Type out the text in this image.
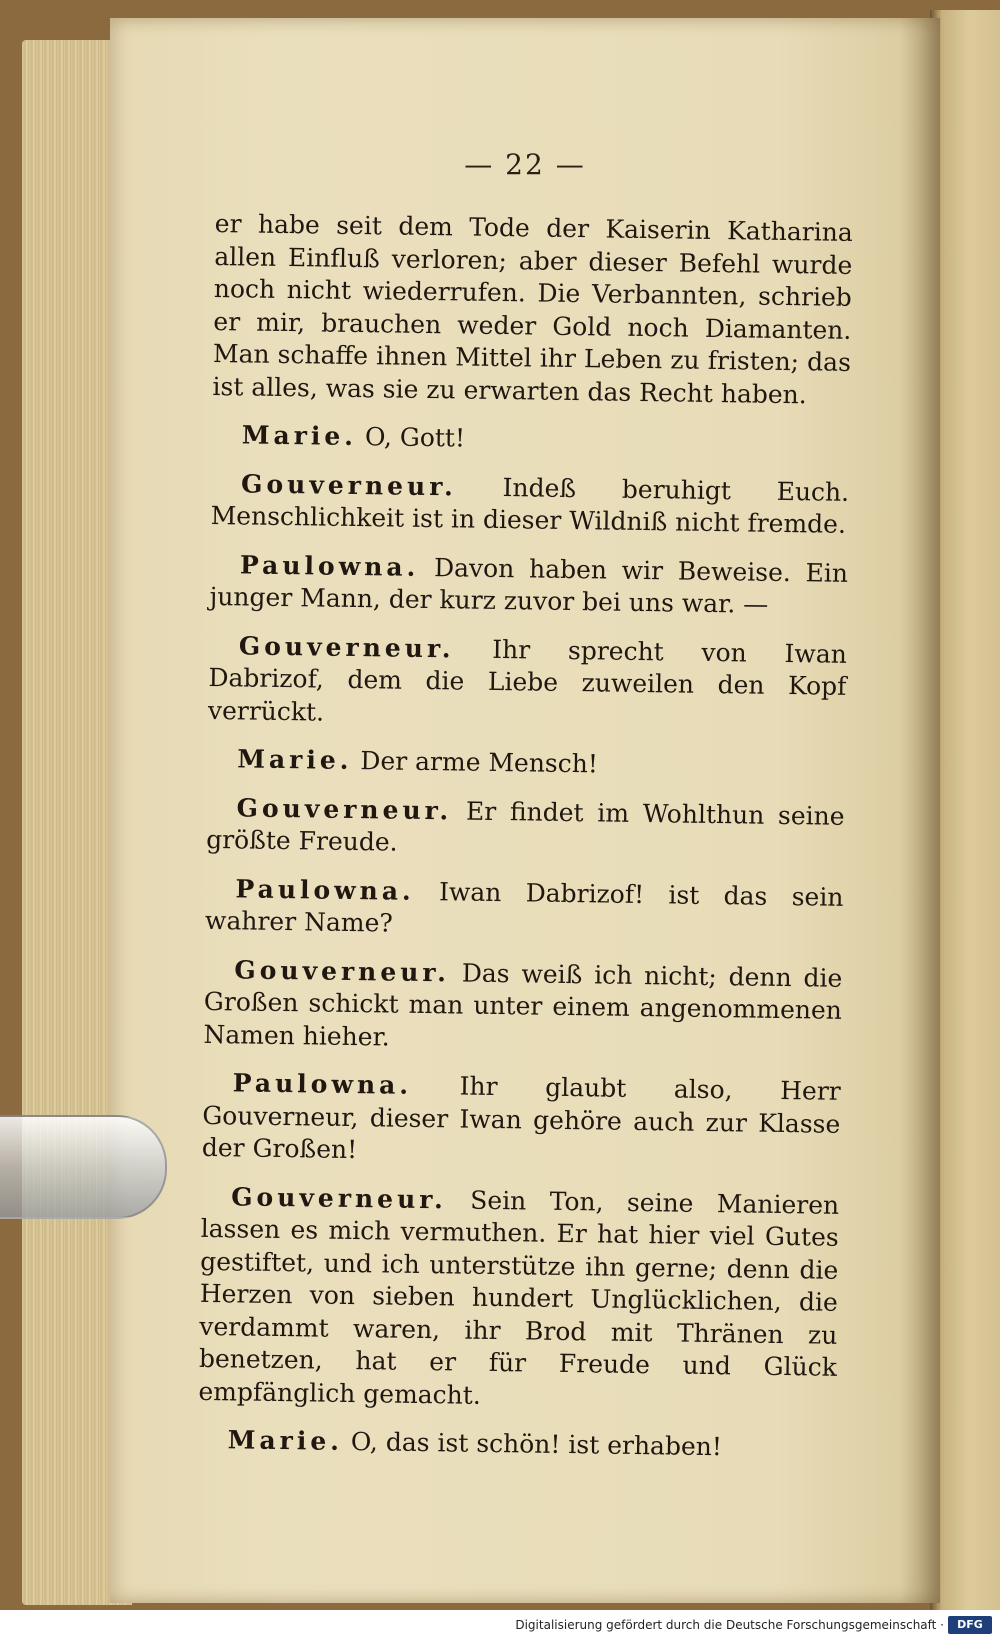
— 22 —

er habe seit dem Tode der Kaiserin Katharina allen Einfluß verloren; aber dieser Befehl wurde noch nicht wiederrufen. Die Verbannten, schrieb er mir, brauchen weder Gold noch Diamanten. Man schaffe ihnen Mittel ihr Leben zu fristen; das ist alles, was sie zu erwarten das Recht haben.

Marie. O, Gott!

Gouverneur. Indeß beruhigt Euch. Menschlichkeit ist in dieser Wildniß nicht fremde.

Paulowna. Davon haben wir Beweise. Ein junger Mann, der kurz zuvor bei uns war. —

Gouverneur. Ihr sprecht von Iwan Dabrizof, dem die Liebe zuweilen den Kopf verrückt.

Marie. Der arme Mensch!

Gouverneur. Er findet im Wohlthun seine größte Freude.

Paulowna. Iwan Dabrizof! ist das sein wahrer Name?

Gouverneur. Das weiß ich nicht; denn die Großen schickt man unter einem angenommenen Namen hieher.

Paulowna. Ihr glaubt also, Herr Gouverneur, dieser Iwan gehöre auch zur Klasse der Großen!

Gouverneur. Sein Ton, seine Manieren lassen es mich vermuthen. Er hat hier viel Gutes gestiftet, und ich unterstütze ihn gerne; denn die Herzen von sieben hundert Unglücklichen, die verdammt waren, ihr Brod mit Thränen zu benetzen, hat er für Freude und Glück empfänglich gemacht.

Marie. O, das ist schön! ist erhaben!

Digitalisierung gefördert durch die Deutsche Forschungsgemeinschaft ·	DFG
